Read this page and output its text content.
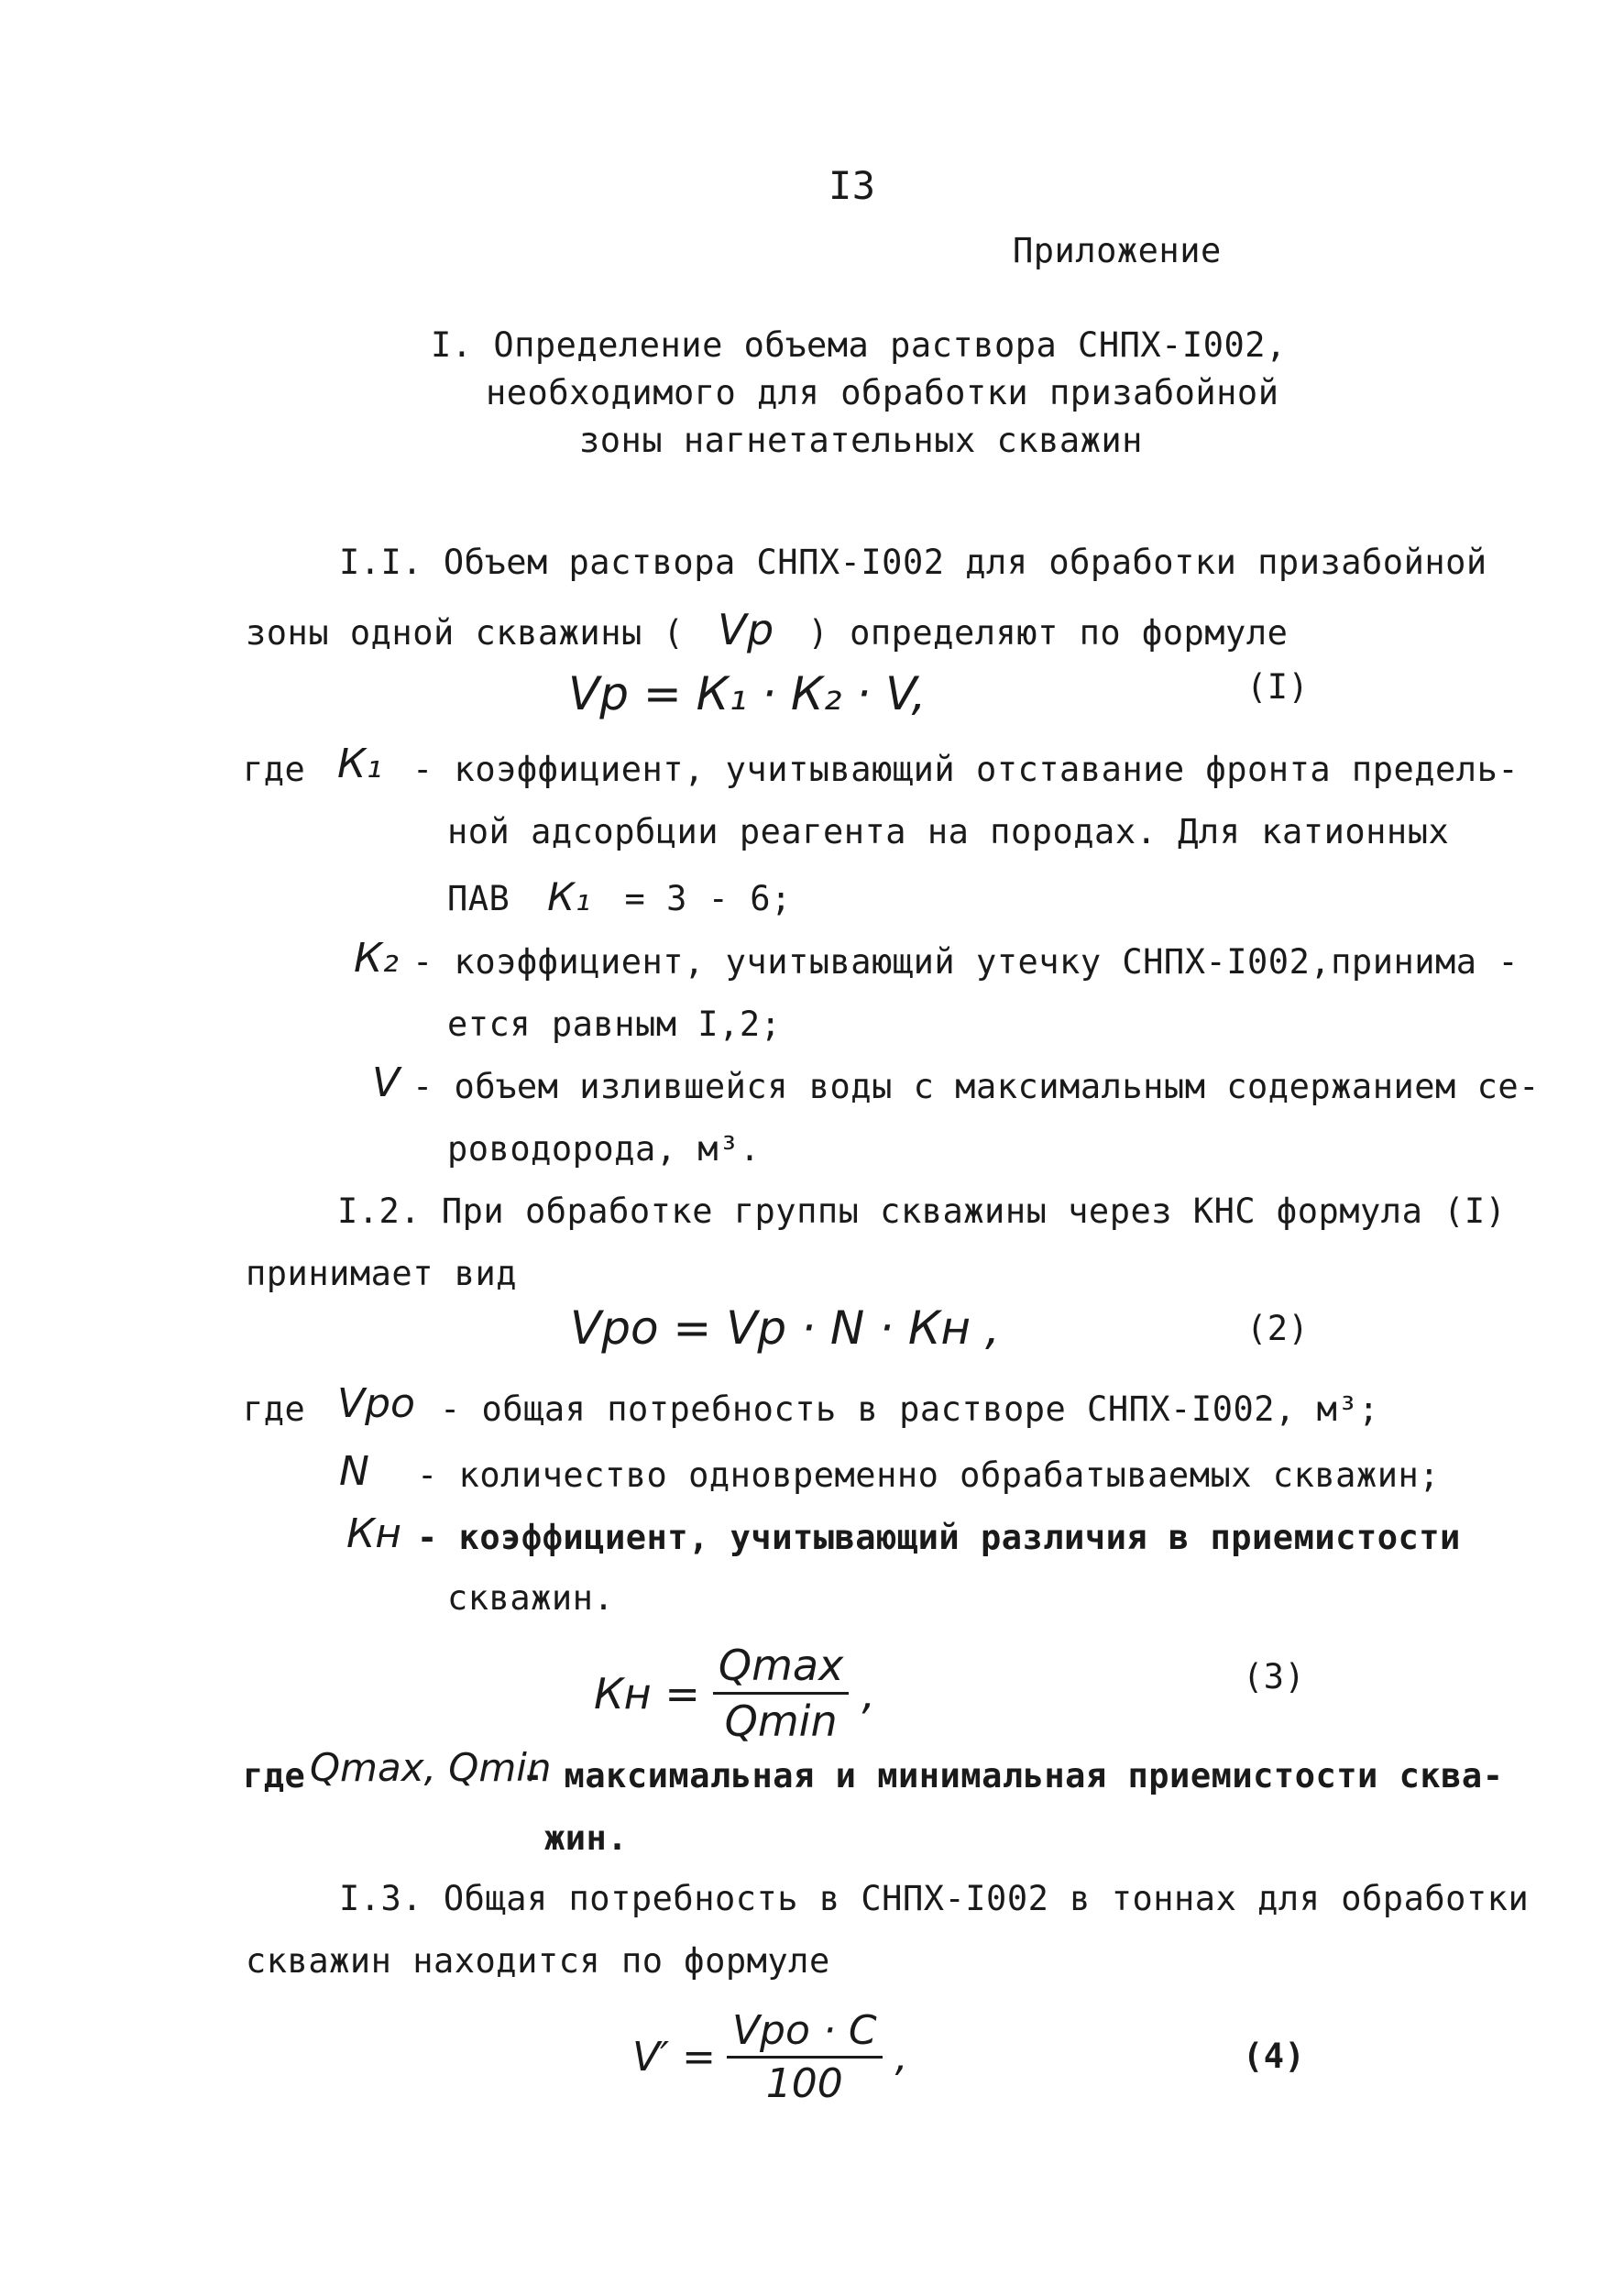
I3
Приложение
I. Определение объема раствора СНПХ-I002,
необходимого для обработки призабойной
зоны нагнетательных скважин
I.I. Объем раствора СНПХ-I002 для обработки призабойной
зоны одной скважины ( Vр ) определяют по формуле
Vр = К₁ · К₂ · V,	(I)
где К₁ - коэффициент, учитывающий отставание фронта предель-
ной адсорбции реагента на породах. Для катионных
ПАВ К₁ = 3 - 6;
К₂ - коэффициент, учитывающий утечку СНПХ-I002,принима -
ется равным I,2;
V - объем излившейся воды с максимальным содержанием се-
роводорода, м³.
I.2. При обработке группы скважины через КНС формула (I)
принимает вид
Vро = Vр · N · Кн ,	(2)
где Vро - общая потребность в растворе СНПХ-I002, м³;
N - количество одновременно обрабатываемых скважин;
Кн - коэффициент, учитывающий различия в приемистости
скважин.
Кн = $\frac{Qmax}{Qmin}$ ,	(3)
где Qmax, Qmin
- максимальная и минимальная приемистости сква-
жин.
I.3. Общая потребность в СНПХ-I002 в тоннах для обработки
скважин находится по формуле
$V' = \frac{\text{Vро · С}}{100}$ ,	(4)
